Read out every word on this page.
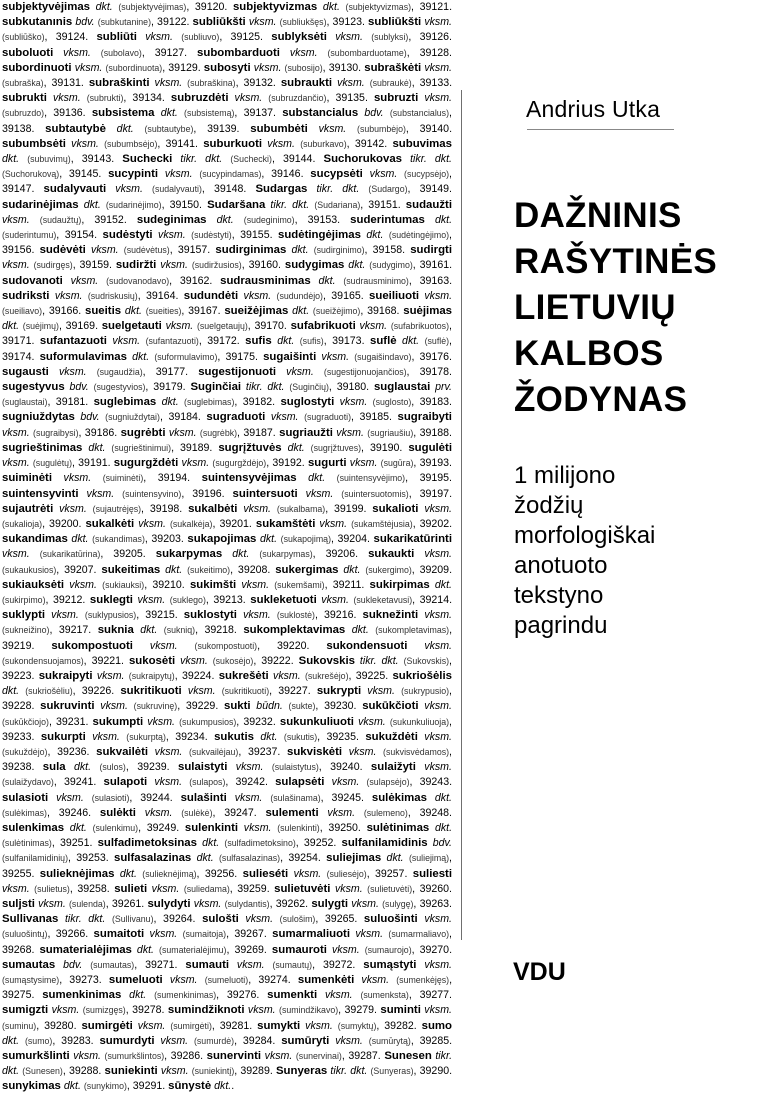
subjektyvėjimas dkt. (subjektyvėjimas), 39120. subjektyvizmas dkt. (subjektyvizmas), 39121. subkutanınis bdv. (subkutanine), 39122. subliūkšti vksm. (subliukšęs), 39123. subliūkšti vksm. (subliūško), 39124. subliūti vksm. (subliuvo), 39125. sublyksėti vksm. (sublyksi), 39126. suboluoti vksm. (subolavo), 39127. subombarduoti vksm. (subombarduotame), 39128. subordinuoti vksm. (subordinuota), 39129. subosyti vksm. (subosijo), 39130. subraškėti vksm. (subraška), 39131. subraškinti vksm. (subraškina), 39132. subraukti vksm. (subraukė), 39133. subrukti vksm. (subrukti), 39134. subruzdėti vksm. (subruzdančio), 39135. subruzti vksm. (subruzdo), 39136. subsistema dkt. (subsistemą), 39137. substancialus bdv. (substancialus), 39138. subtautybė dkt. (subtautybe), 39139. subumbėti vksm. (subumbėjo), 39140. subumbsėti vksm. (subumbsėjo), 39141. suburkuoti vksm. (suburkavo), 39142. subuvimas dkt. (subuvimų), 39143. Suchecki tikr. dkt. (Suchecki), 39144. Suchorukovas tikr. dkt. (Suchorukovą), 39145. sucypinti vksm. (sucypindamas), 39146. sucypsėti vksm. (sucypsėjo), 39147. sudalyvauti vksm. (sudalyvauti), 39148. Sudargas tikr. dkt. (Sudargo), 39149. sudarinėjimas dkt. (sudarinėjimo), 39150. Sudaršana tikr. dkt. (Sudariana), 39151. sudaužti vksm. (sudaužtų), 39152. sudeginimas dkt. (sudeginimo), 39153. suderintumas dkt. (suderintumu), 39154. sudėstyti vksm. (sudėstyti), 39155. sudėtingėjimas dkt. (sudėtingėjimo), 39156. sudėvėti vksm. (sudėvėtus), 39157. sudirginimas dkt. (sudirginimo), 39158. sudirgti vksm. (sudirgęs), 39159. sudiržti vksm. (sudiržusios), 39160. sudygimas dkt. (sudygimo), 39161. sudovanoti vksm. (sudovanodavo), 39162. sudrausminimas dkt. (sudrausminimo), 39163. sudriksti vksm. (sudriskusių), 39164. sudundėti vksm. (sudundėjo), 39165. sueiliuoti vksm. (sueiliavo), 39166. sueitis dkt. (sueities), 39167. sueižėjimas dkt. (sueižėjimo), 39168. suėjimas dkt. (suėjimų), 39169. suelgetauti vksm. (suelgetaujų), 39170. sufabrikuoti vksm. (sufabrikuotos), 39171. sufantazuoti vksm. (sufantazuoti), 39172. sufis dkt. (sufis), 39173. suflė dkt. (suflė), 39174. suformulavimas dkt. (suformulavimo), 39175. sugaišinti vksm. (sugaišindavo), 39176. sugausti vksm. (sugaudžia), 39177. sugestijonuoti vksm. (sugestijonuojančios), 39178. sugestyvus bdv. (sugestyvios), 39179. Suginčiai tikr. dkt. (Suginčių), 39180. suglaustai prv. (suglaustai), 39181. suglebimas dkt. (suglebimas), 39182. suglostyti vksm. (suglosto), 39183. sugniuždytas bdv. (sugniuždytai), 39184. sugraduoti vksm. (sugraduoti), 39185. sugraibyti vksm. (sugraibysi), 39186. sugrėbti vksm. (sugrėbk), 39187. sugriaužti vksm. (sugriaušiu), 39188. sugrieštinimas dkt. (sugrieštinimui), 39189. sugrįžtuvės dkt. (sugrįžtuves), 39190. sugulėti vksm. (sugulėtų), 39191. sugurgždėti vksm. (sugurgždėjo), 39192. sugurti vksm. (sugūra), 39193. suiminėti vksm. (suiminėti), 39194. suintensyvėjimas dkt. (suintensyvėjimo), 39195. suintensyvinti vksm. (suintensyvino), 39196. suintersuoti vksm. (suintersuotomis), 39197. sujautrėti vksm. (sujautrėjęs), 39198. sukalbėti vksm. (sukalbama), 39199. sukalioti vksm. (sukalioja), 39200. sukalkėti vksm. (sukalkėja), 39201. sukamštėti vksm. (sukamštėjusia), 39202. sukandimas dkt. (sukandimas), 39203. sukapojimas dkt. (sukapojimą), 39204. sukarikatūrinti vksm. (sukarikatūrina), 39205. sukarpymas dkt. (sukarpymas), 39206. sukaukti vksm. (sukaukusios), 39207. sukeitimas dkt. (sukeitimo), 39208. sukergimas dkt. (sukergimo), 39209. sukiauksėti vksm. (sukiauksi), 39210. sukimšti vksm. (sukemšami), 39211. sukirpimas dkt. (sukirpimo), 39212. suklegti vksm. (suklego), 39213. sukleketuoti vksm. (sukleketavusi), 39214. suklypti vksm. (suklypusios), 39215. suklostyti vksm. (suklostė), 39216. suknežinti vksm. (sukneižino), 39217. suknia dkt. (sukniq), 39218. sukomplektavimas dkt. (sukompletavimas), 39219. sukompostuoti vksm. (sukompostuoti), 39220. sukondensuoti vksm. (sukondensuojamos), 39221. sukosėti vksm. (sukosėjo), 39222. Sukovskis tikr. dkt. (Sukovskis), 39223. sukraipyti vksm. (sukraipytų), 39224. sukrešėti vksm. (sukrešėjo), 39225. sukriošėlis dkt. (sukriošėliu), 39226. sukritikuoti vksm. (sukritikuoti), 39227. sukrypti vksm. (sukrypusio), 39228. sukruvinti vksm. (sukruvinę), 39229. sukti būdn. (sukte), 39230. sukūkčioti vksm. (sukūkčiojo), 39231. sukumpti vksm. (sukumpusios), 39232. sukunkuliuoti vksm. (sukunkuliuoja), 39233. sukurpti vksm. (sukurptą), 39234. sukutis dkt. (sukutis), 39235. sukuždėti vksm. (sukuždėjo), 39236. sukvailėti vksm. (sukvailėjau), 39237. sukviskėti vksm. (sukvisvėdamos), 39238. sula dkt. (sulos), 39239. sulaistyti vksm. (sulaistytus), 39240. sulaižyti vksm. (sulaižydavo), 39241. sulapoti vksm. (sulapos), 39242. sulapsėti vksm. (sulapsėjo), 39243. sulasioti vksm. (sulasioti), 39244. sulašinti vksm. (sulašinama), 39245. sulėkimas dkt. (sulėkimas), 39246. sulėkti vksm. (sulėkė), 39247. sulementi vksm. (sulemeno), 39248. sulenkimas dkt. (sulenkimu), 39249. sulenkinti vksm. (sulenkinti), 39250. sulėtinimas dkt. (sulėtinimas), 39251. sulfadimetoksinas dkt. (sulfadimetoksino), 39252. sulfanilamidinis bdv. (sulfanilamidinių), 39253. sulfasalazinas dkt. (sulfasalazinas), 39254. suliejimas dkt. (suliejimą), 39255. sulieknėjimas dkt. (sulieknėjimą), 39256. sulieséti vksm. (suliesėjo), 39257. suliesti vksm. (sulietus), 39258. sulieti vksm. (suliedama), 39259. sulietuvėti vksm. (sulietuvėti), 39260. suljsti vksm. (sulenda), 39261. sulydyti vksm. (sulydantis), 39262. sulygti vksm. (sulygę), 39263. Sullivanas tikr. dkt. (Sullivanu), 39264. sulošti vksm. (sulošim), 39265. suluošinti vksm. (suluošintų), 39266. sumaitoti vksm. (sumaitoja), 39267. sumarmaliuoti vksm. (sumarmaliavo), 39268. sumaterialėjimas dkt. (sumaterialėjimu), 39269. sumauroti vksm. (sumaurojo), 39270. sumautas bdv. (sumautas), 39271. sumauti vksm. (sumautų), 39272. sumąstyti vksm. (sumąstysime), 39273. sumeluoti vksm. (sumeluoti), 39274. sumenkėti vksm. (sumenkėjęs), 39275. sumenkinimas dkt. (sumenkinimas), 39276. sumenkti vksm. (sumenksta), 39277. sumigzti vksm. (sumizgęs), 39278. sumindžiknoti vksm. (sumindžikavo), 39279. suminti vksm. (suminu), 39280. sumirgėti vksm. (sumirgėti), 39281. sumykti vksm. (sumyktų), 39282. sumo dkt. (sumo), 39283. sumurdyti vksm. (sumurdė), 39284. sumūryti vksm. (sumūrytą), 39285. sumurkšlinti vksm. (sumurkšlintos), 39286. sunervinti vksm. (sunervinai), 39287. Sunesen tikr. dkt. (Sunesen), 39288. suniekinti vksm. (suniekintį), 39289. Sunyeras tikr. dkt. (Sunyeras), 39290. sunykimas dkt. (sunykimo), 39291. sūnystė dkt..

Andrius Utka
DAŽNINIS
RAŠYTINĖS
LIETUVIŲ
KALBOS
ŽODYNAS
1 milijono
žodžių
morfologiškai
anotuoto
tekstyno
pagrindu
VDU
